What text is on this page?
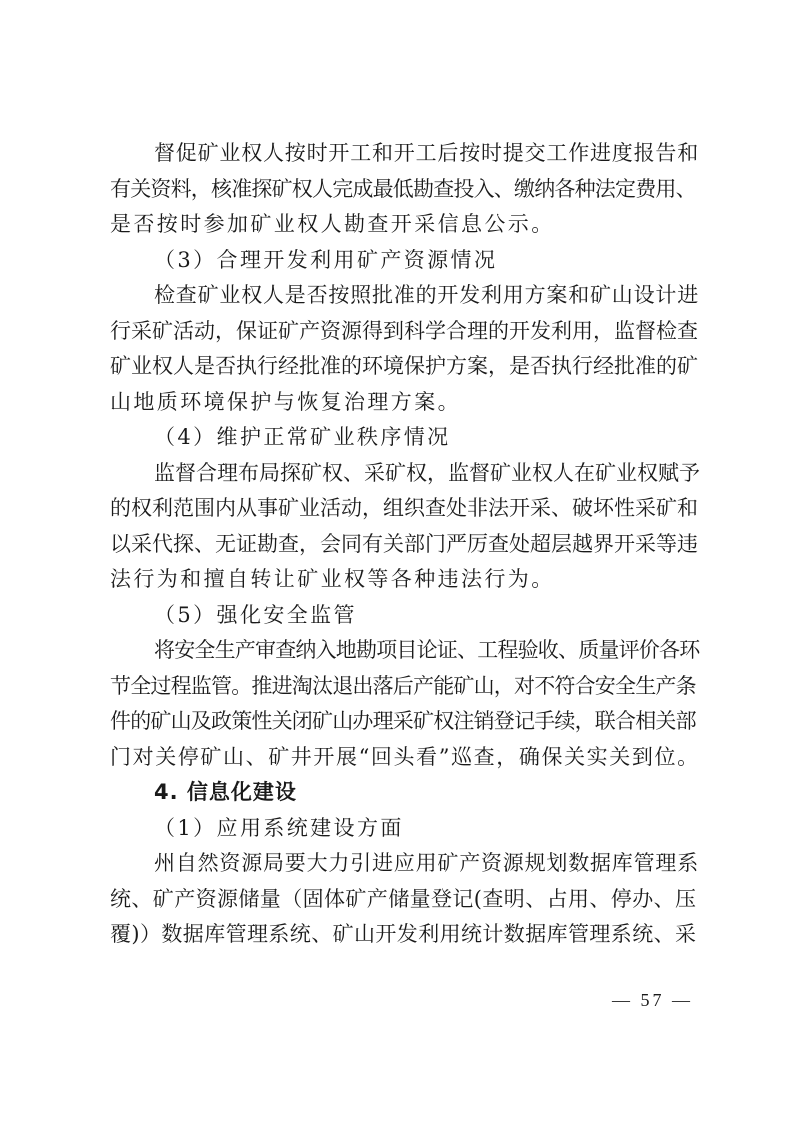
督促矿业权人按时开工和开工后按时提交工作进度报告和
有关资料，核准探矿权人完成最低勘查投入、缴纳各种法定费用、
是否按时参加矿业权人勘查开采信息公示。
（3）合理开发利用矿产资源情况
检查矿业权人是否按照批准的开发利用方案和矿山设计进
行采矿活动，保证矿产资源得到科学合理的开发利用，监督检查
矿业权人是否执行经批准的环境保护方案，是否执行经批准的矿
山地质环境保护与恢复治理方案。
（4）维护正常矿业秩序情况
监督合理布局探矿权、采矿权，监督矿业权人在矿业权赋予
的权利范围内从事矿业活动，组织查处非法开采、破坏性采矿和
以采代探、无证勘查，会同有关部门严厉查处超层越界开采等违
法行为和擅自转让矿业权等各种违法行为。
（5）强化安全监管
将安全生产审查纳入地勘项目论证、工程验收、质量评价各环
节全过程监管。推进淘汰退出落后产能矿山，对不符合安全生产条
件的矿山及政策性关闭矿山办理采矿权注销登记手续，联合相关部
门对关停矿山、矿井开展“回头看”巡查，确保关实关到位。
4. 信息化建设
（1）应用系统建设方面
州自然资源局要大力引进应用矿产资源规划数据库管理系
统、矿产资源储量（固体矿产储量登记(查明、占用、停办、压
覆)）数据库管理系统、矿山开发利用统计数据库管理系统、采
— 57 —
